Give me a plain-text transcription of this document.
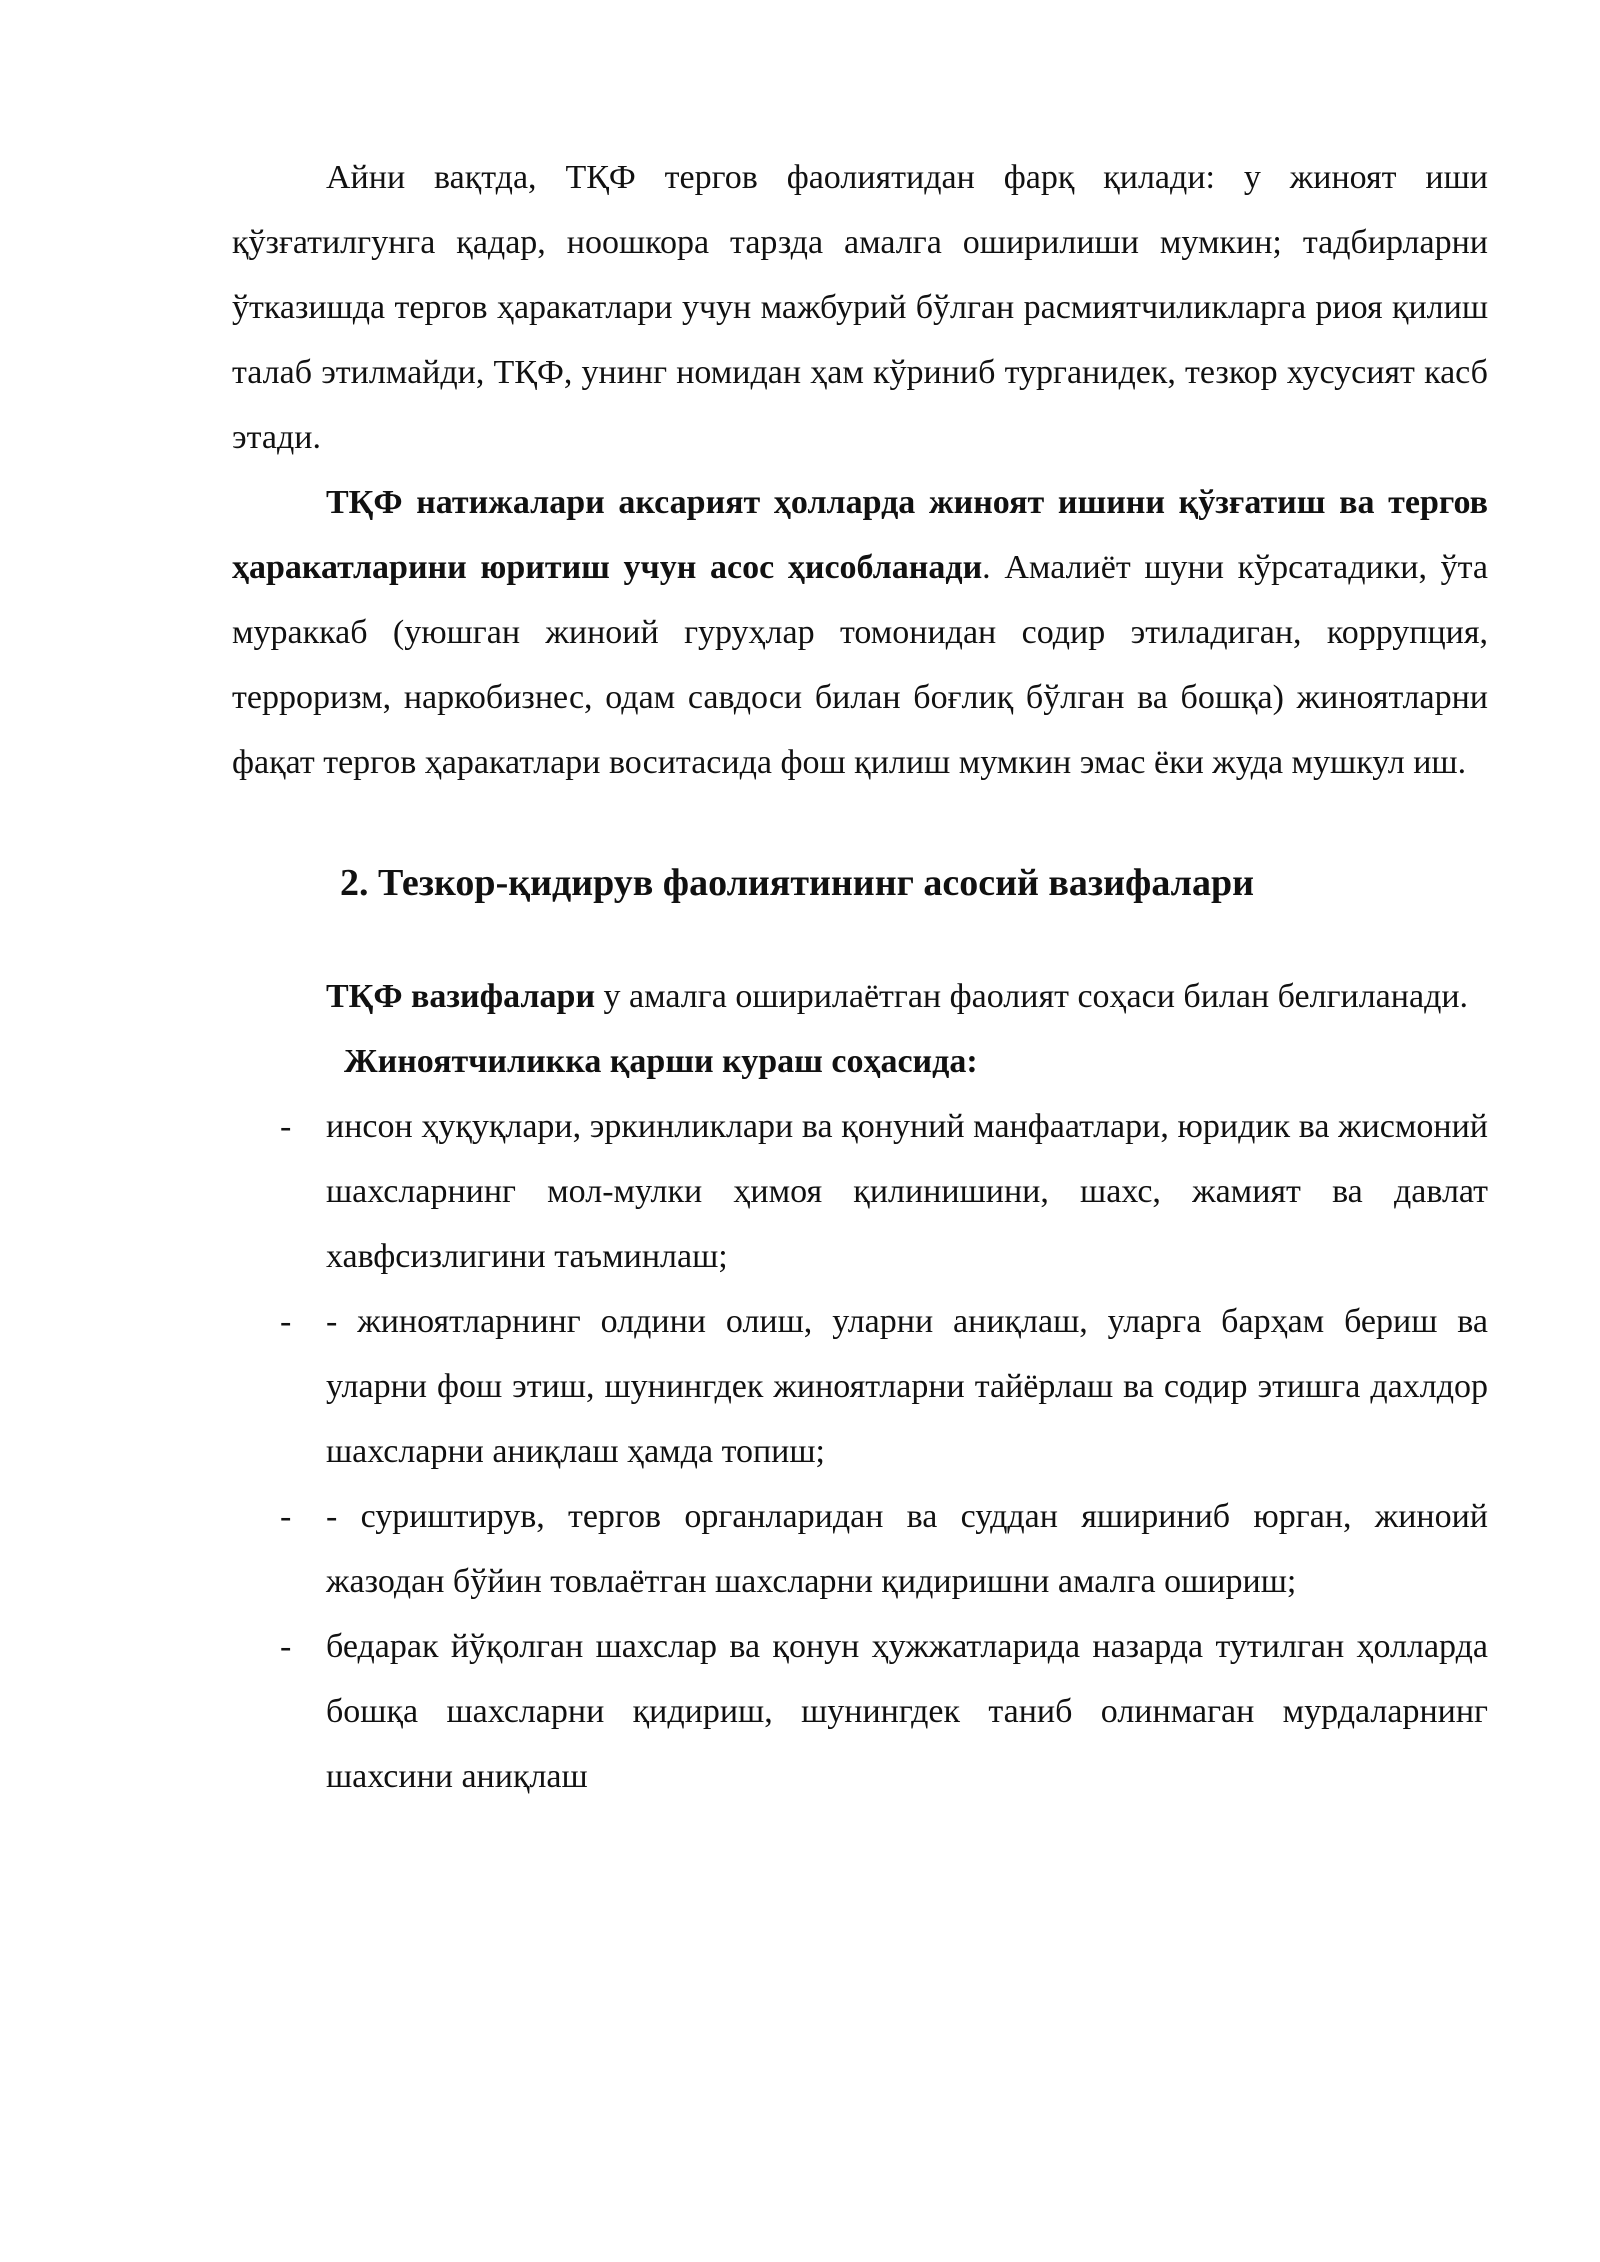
Айни вақтда, ТҚФ тергов фаолиятидан фарқ қилади: у жиноят иши қўзғатилгунга қадар, ноошкора тарзда амалга оширилиши мумкин; тадбирларни ўтказишда тергов ҳаракатлари учун мажбурий бўлган расмиятчиликларга риоя қилиш талаб этилмайди, ТҚФ, унинг номидан ҳам кўриниб турганидек, тезкор хусусият касб этади.

ТҚФ натижалари аксарият ҳолларда жиноят ишини қўзғатиш ва тергов ҳаракатларини юритиш учун асос ҳисобланади. Амалиёт шуни кўрсатадики, ўта мураккаб (уюшган жиноий гуруҳлар томонидан содир этиладиган, коррупция, терроризм, наркобизнес, одам савдоси билан боғлиқ бўлган ва бошқа) жиноятларни фақат тергов ҳаракатлари воситасида фош қилиш мумкин эмас ёки жуда мушкул иш.

2. Тезкор-қидирув фаолиятининг асосий вазифалари

ТҚФ вазифалари у амалга оширилаётган фаолият соҳаси билан белгиланади.

Жиноятчиликка қарши кураш соҳасида:

- инсон ҳуқуқлари, эркинликлари ва қонуний манфаатлари, юридик ва жисмоний шахсларнинг мол-мулки ҳимоя қилинишини, шахс, жамият ва давлат хавфсизлигини таъминлаш;
- - жиноятларнинг олдини олиш, уларни аниқлаш, уларга барҳам бериш ва уларни фош этиш, шунингдек жиноятларни тайёрлаш ва содир этишга дахлдор шахсларни аниқлаш ҳамда топиш;
- - суриштирув, тергов органларидан ва суддан яшириниб юрган, жиноий жазодан бўйин товлаётган шахсларни қидиришни амалга ошириш;
- бедарак йўқолган шахслар ва қонун ҳужжатларида назарда тутилган ҳолларда бошқа шахсларни қидириш, шунингдек таниб олинмаган мурдаларнинг шахсини аниқлаш
